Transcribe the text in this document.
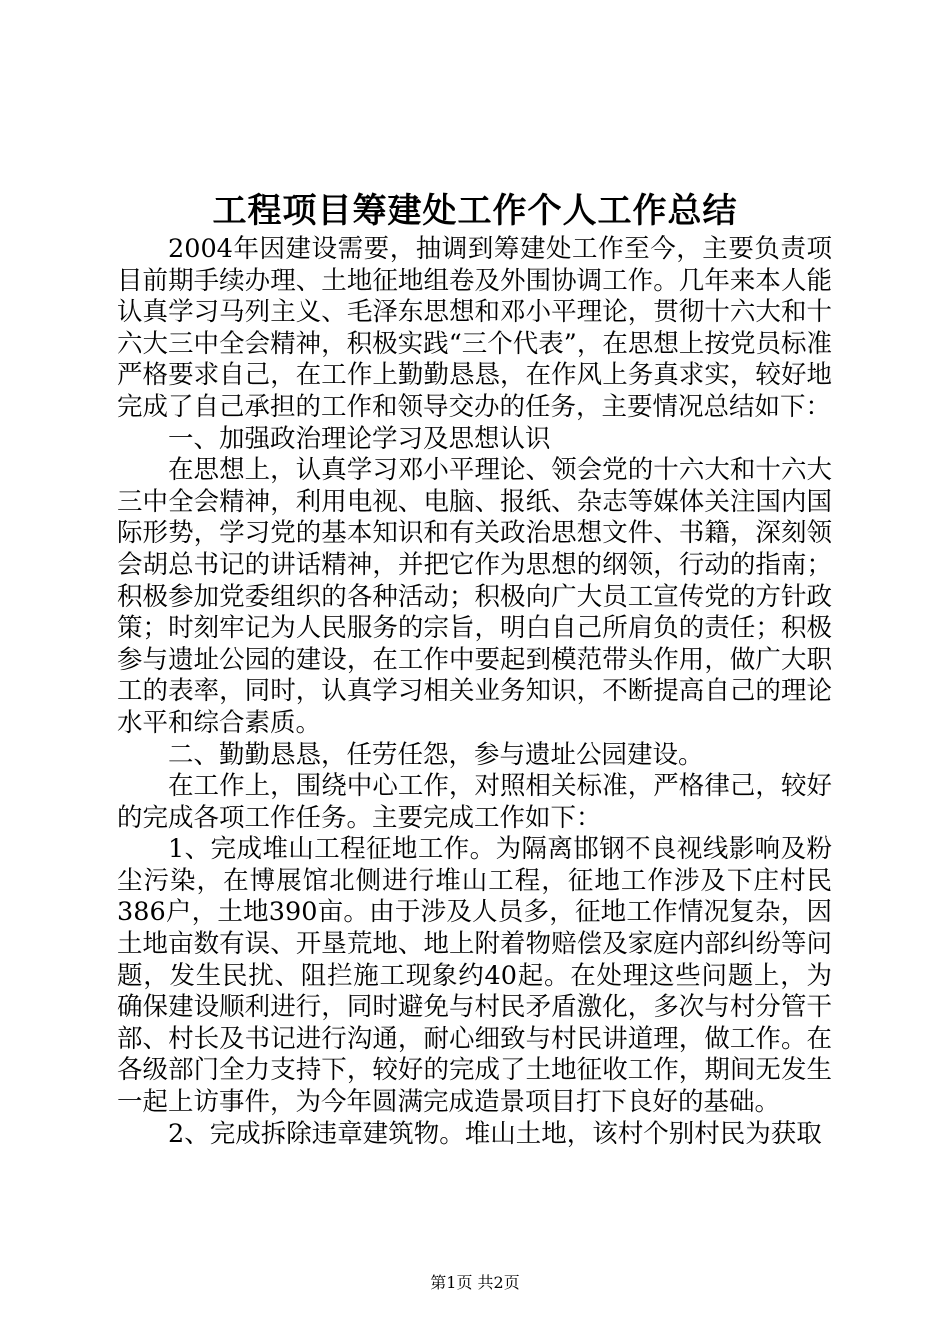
工程项目筹建处工作个人工作总结

2004年因建设需要，抽调到筹建处工作至今，主要负责项目前期手续办理、土地征地组卷及外围协调工作。几年来本人能认真学习马列主义、毛泽东思想和邓小平理论，贯彻十六大和十六大三中全会精神，积极实践“三个代表”，在思想上按党员标准严格要求自己，在工作上勤勤恳恳，在作风上务真求实，较好地完成了自己承担的工作和领导交办的任务，主要情况总结如下：

一、加强政治理论学习及思想认识

在思想上，认真学习邓小平理论、领会党的十六大和十六大三中全会精神，利用电视、电脑、报纸、杂志等媒体关注国内国际形势，学习党的基本知识和有关政治思想文件、书籍，深刻领会胡总书记的讲话精神，并把它作为思想的纲领，行动的指南；积极参加党委组织的各种活动；积极向广大员工宣传党的方针政策；时刻牢记为人民服务的宗旨，明白自己所肩负的责任；积极参与遗址公园的建设，在工作中要起到模范带头作用，做广大职工的表率，同时，认真学习相关业务知识，不断提高自己的理论水平和综合素质。

二、勤勤恳恳，任劳任怨，参与遗址公园建设。

在工作上，围绕中心工作，对照相关标准，严格律己，较好的完成各项工作任务。主要完成工作如下：

1、完成堆山工程征地工作。为隔离邯钢不良视线影响及粉尘污染，在博展馆北侧进行堆山工程，征地工作涉及下庄村民386户，土地390亩。由于涉及人员多，征地工作情况复杂，因土地亩数有误、开垦荒地、地上附着物赔偿及家庭内部纠纷等问题，发生民扰、阻拦施工现象约40起。在处理这些问题上，为确保建设顺利进行，同时避免与村民矛盾激化，多次与村分管干部、村长及书记进行沟通，耐心细致与村民讲道理，做工作。在各级部门全力支持下，较好的完成了土地征收工作，期间无发生一起上访事件，为今年圆满完成造景项目打下良好的基础。

2、完成拆除违章建筑物。堆山土地，该村个别村民为获取

第1页 共2页
